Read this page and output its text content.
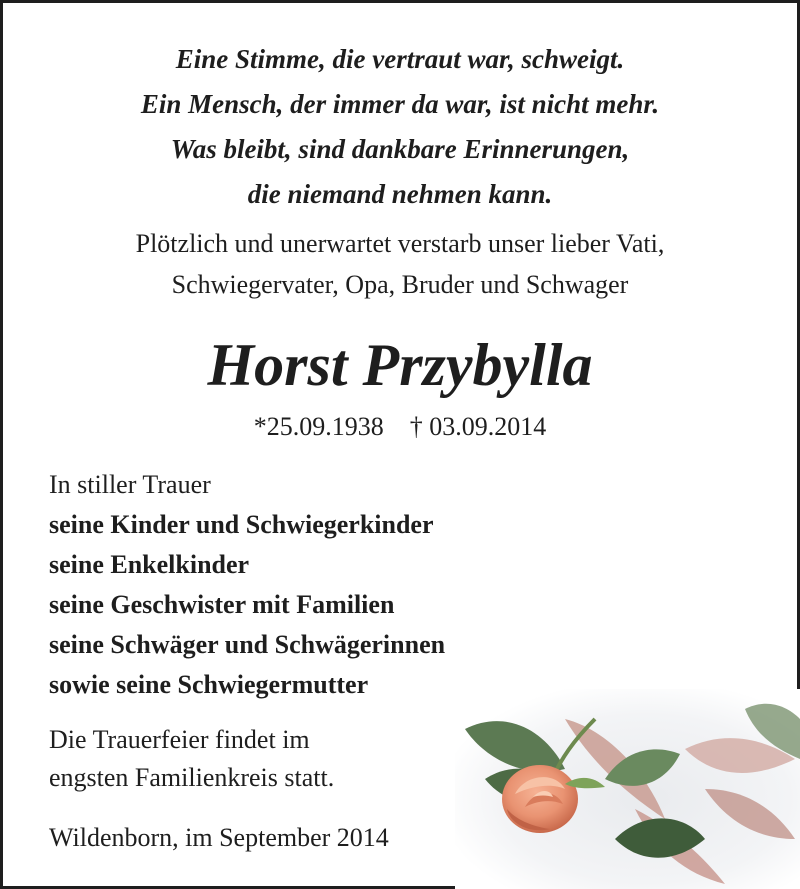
Eine Stimme, die vertraut war, schweigt.
Ein Mensch, der immer da war, ist nicht mehr.
Was bleibt, sind dankbare Erinnerungen,
die niemand nehmen kann.
Plötzlich und unerwartet verstarb unser lieber Vati,
Schwiegervater, Opa, Bruder und Schwager
Horst Przybylla
*25.09.1938 † 03.09.2014
In stiller Trauer
seine Kinder und Schwiegerkinder
seine Enkelkinder
seine Geschwister mit Familien
seine Schwäger und Schwägerinnen
sowie seine Schwiegermutter
Die Trauerfeier findet im
engsten Familienkreis statt.
Wildenborn, im September 2014
